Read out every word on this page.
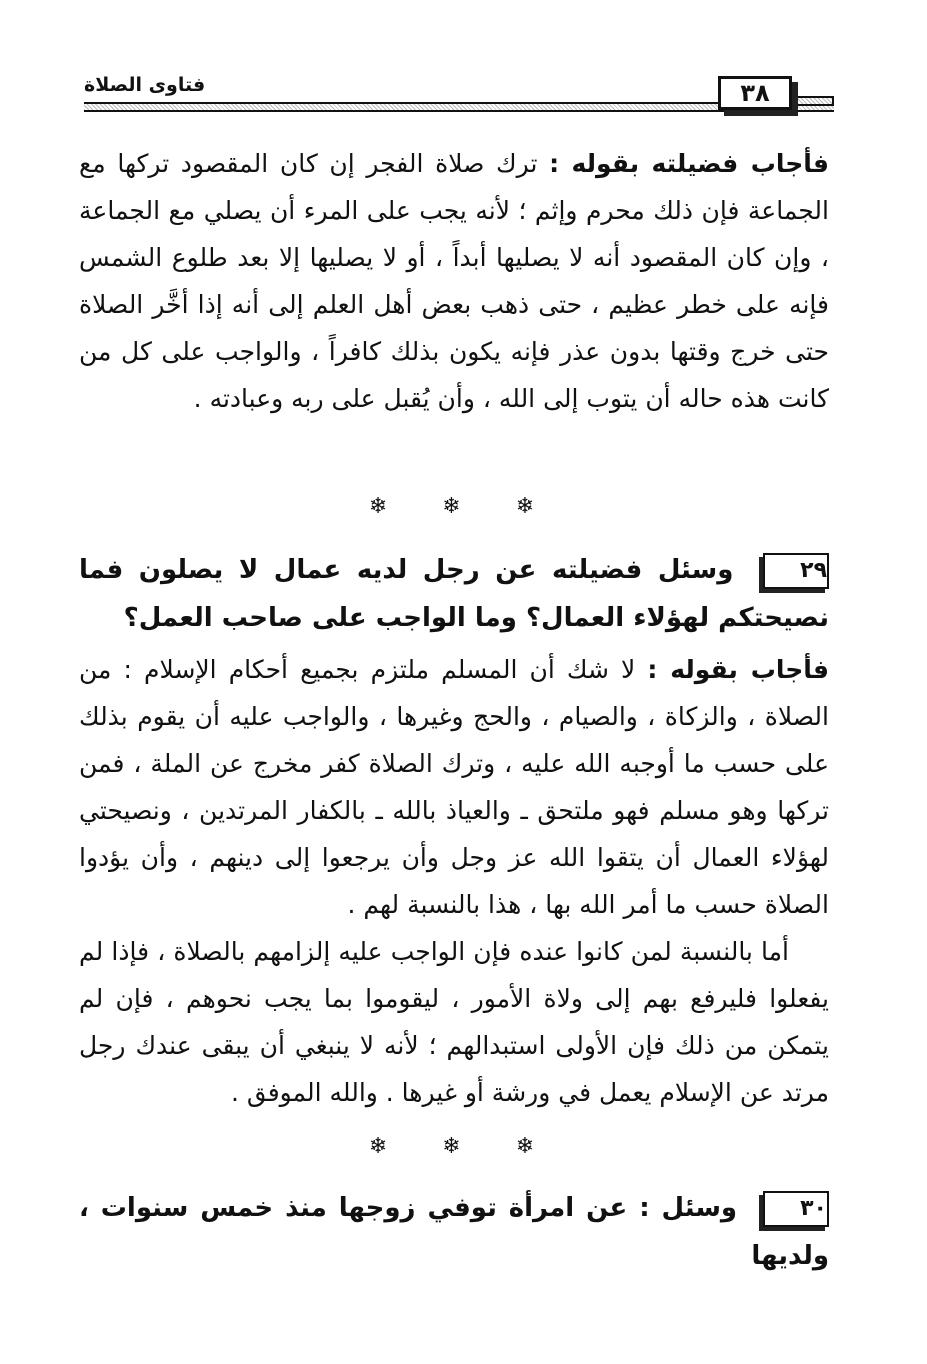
٣٨
فتاوى الصلاة
فأجاب فضيلته بقوله : ترك صلاة الفجر إن كان المقصود تركها مع الجماعة فإن ذلك محرم وإثم ؛ لأنه يجب على المرء أن يصلي مع الجماعة ، وإن كان المقصود أنه لا يصليها أبداً ، أو لا يصليها إلا بعد طلوع الشمس فإنه على خطر عظيم ، حتى ذهب بعض أهل العلم إلى أنه إذا أخَّر الصلاة حتى خرج وقتها بدون عذر فإنه يكون بذلك كافراً ، والواجب على كل من كانت هذه حاله أن يتوب إلى الله ، وأن يُقبل على ربه وعبادته .
❄ ❄ ❄
٢٩ وسئل فضيلته عن رجل لديه عمال لا يصلون فما نصيحتكم لهؤلاء العمال؟ وما الواجب على صاحب العمل؟
فأجاب بقوله : لا شك أن المسلم ملتزم بجميع أحكام الإسلام : من الصلاة ، والزكاة ، والصيام ، والحج وغيرها ، والواجب عليه أن يقوم بذلك على حسب ما أوجبه الله عليه ، وترك الصلاة كفر مخرج عن الملة ، فمن تركها وهو مسلم فهو ملتحق ـ والعياذ بالله ـ بالكفار المرتدين ، ونصيحتي لهؤلاء العمال أن يتقوا الله عز وجل وأن يرجعوا إلى دينهم ، وأن يؤدوا الصلاة حسب ما أمر الله بها ، هذا بالنسبة لهم .
أما بالنسبة لمن كانوا عنده فإن الواجب عليه إلزامهم بالصلاة ، فإذا لم يفعلوا فليرفع بهم إلى ولاة الأمور ، ليقوموا بما يجب نحوهم ، فإن لم يتمكن من ذلك فإن الأولى استبدالهم ؛ لأنه لا ينبغي أن يبقى عندك رجل مرتد عن الإسلام يعمل في ورشة أو غيرها . والله الموفق .
❄ ❄ ❄
٣٠ وسئل : عن امرأة توفي زوجها منذ خمس سنوات ، ولديها
